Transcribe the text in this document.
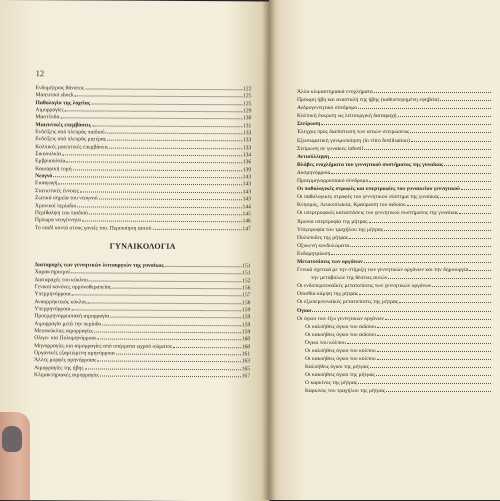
12
Ενδομήτριος θάνατος	122
Μαιευτικό shock	125
Παθολογία της λοχείας	125
Αιμορραγίες	129
Μαστίτιδα	130
Μαιευτικές επεμβάσεις	131
Ενδείξεις από πλευράς παιδιού	133
Ενδείξεις από πλευράς μητέρας	133
Κολπικές μαιευτικές επεμβάσεις	133
Σικυουλκία	134
Εμβρυουλκία	136
Καισαρική τομή	139
Νεογνό	143
Εισαγωγή	143
Στατιστικές έννοιες	143
Ζωτικά σημεία του νεογνού	143
Χρονικοί περίοδοι	144
Περίθαλψη του παιδιού	145
Πρόωρα νεογέννητα	146
Το παιδί κοντά στους γονείς του. Περιποίηση αυτού	147
ΓΥΝΑΙΚΟΛΟΓΙΑ
Διαταραχές των γεννητικών λειτουργιών της γυναίκας	151
Χαρακτηρισμοί	151
Διαταραχές του κύκλου	152
Γενικοί κανόνες ορμονοθεραπείας	156
Υπερμηνόρροια	157
Αναορρηκτικός κύκλος	158
Υπερμηνόρροια	159
Προεμμηνορρυσιακή αιμορραγία	159
Αιμορραγία μετά την περίοδο	159
Μεσοκύκλιες αιμορραγίες	159
Ολιγο- και Πολυμηνόρροια	160
Μηνορραγίες και αιμορραγίες από σπέρματα ωχρού σώματος	160
Οργανικές εξαρτώμενη αμηνόρροια	161
Άλλες μορφές αμηνόρροιας	163
Αιμορραγίες της ήβης	165
Κλιμακτηριακές αιμορραγίες	167
Άλλα κλιμακτηριακά ενοχλήματα
Πρόωρη ήβη και ανασταλή της ήβης (καθυστερημένη εφηβεία)
Ανδρογεννητικό σύνδρομο
Κολπική έκκριση ως λειτουργική διαταραχή
Στείρωση
Έλεγχος προς διαπίστωση των αιτιών στειρώσεως
Εξωσωματική γονιμοποίηση (in vitro fertilisation)
Στείρωση σε γυναίκες infertil
Αντισύλληψη
Βλάβες ενοχλήματα του γεννητικού συστήματος της γυναίκας
Δυσμηνόρροια
Προεμμηνορρυσιακό σύνδρομο
Οι παθολογικές στροφές και υπερτροφίες του γυναικείου γεννητικού
Οι παθολογικές στροφές του γεννητικού σύστημα της γυναίκας
Κνησμός, Λευκοπλακία, Κραύρωση του αιδοίου
Οι υπερτροφικές καταστάσεις του γεννητικού συστήματος της γυναίκας
Χρονία υπερτροφία της μήτρας
Υπερτροφία του τραχήλου της μήτρας
Πολύποδες της μήτρας
Οξυκενή κονδυλώματα
Ενδομητρίωση
Μετατοπίσεις των οργάνων
Γενικά σχετικά με την στήριξη των γεννητικών οργάνων και την δημιουργία
την μεταβολών της θέσεως αυτών
Οι ενδοπεριτοναϊκές μετατοπίσεις των γεννητικών οργάνων
Οπισθία κάμψη της μήτρας
Οι εξωπεριτοναϊκές μετατοπίσεις της μήτρας
Όγκοι
Οι όγκοι των έξω γεννητικών οργάνων
Οι καλοήθεις όγκοι του αιδοίου
Οι κακοήθεις όγκοι του αιδοίου
Όγκοι του κόλπου
Οι καλοήθεις όγκοι του κόλπου
Οι κακοήθεις όγκοι του κόλπου
Καλοήθεις όγκοι της μήτρας
Οι κακοήθεις όγκοι της μήτρας
Ο καρκίνος της μήτρας
Καρκίνος του τραχήλου της μήτρας
